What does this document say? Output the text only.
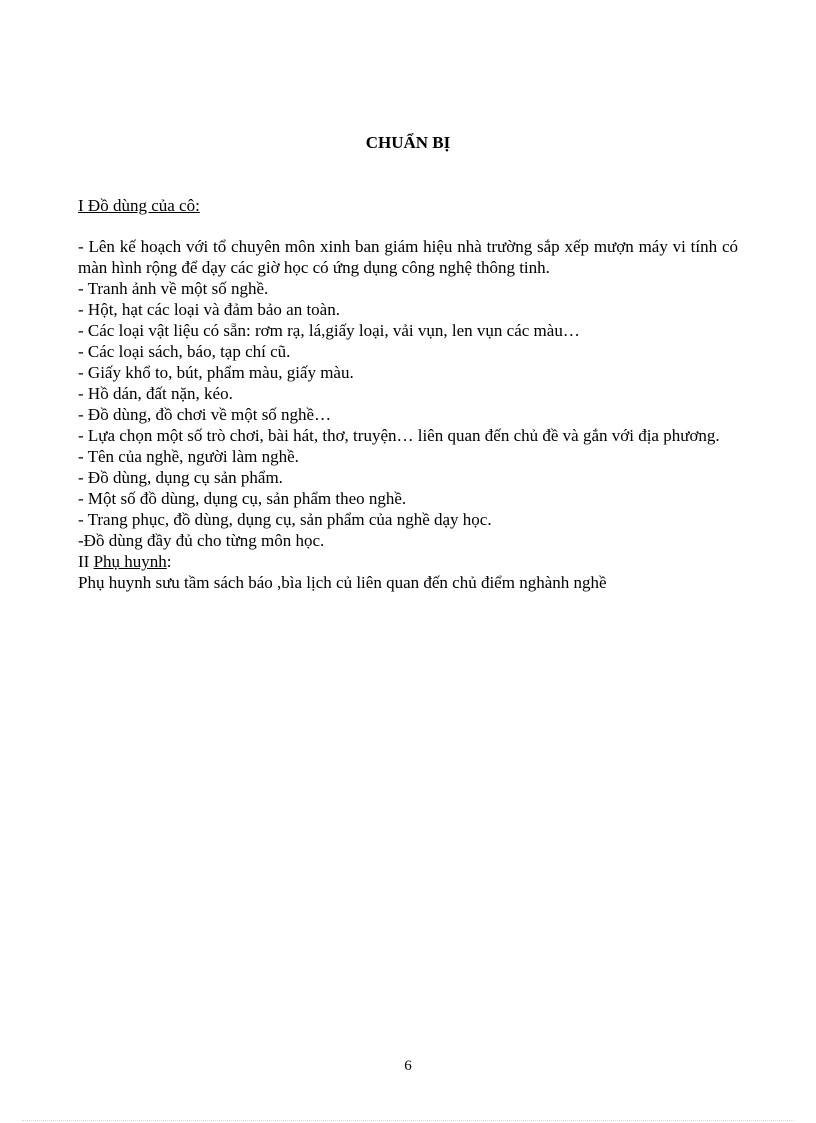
CHUẨN BỊ
I Đồ dùng của cô:
- Lên kế hoạch với tổ chuyên môn xinh ban giám hiệu nhà trường sắp xếp mượn máy vi tính có màn hình rộng để dạy các giờ học có ứng dụng công nghệ thông tinh.
- Tranh ảnh về một số nghề.
- Hột, hạt các loại và đảm bảo an toàn.
- Các loại vật liệu có sẵn: rơm rạ, lá,giấy loại, vải vụn, len vụn các màu…
- Các loại sách, báo, tạp chí cũ.
- Giấy khổ to, bút, phẩm màu, giấy màu.
- Hồ dán, đất nặn, kéo.
- Đồ dùng, đồ chơi về một số nghề…
- Lựa chọn một số trò chơi, bài hát, thơ, truyện… liên quan đến chủ đề và gắn với địa phương.
- Tên của nghề, người làm nghề.
- Đồ dùng, dụng cụ sản phẩm.
- Một số đồ dùng, dụng cụ, sản phẩm theo nghề.
- Trang phục, đồ dùng, dụng cụ, sản phẩm của nghề dạy học.
-Đồ dùng đầy đủ cho từng môn học.
II Phụ huynh:
Phụ huynh sưu tầm sách báo ,bìa lịch củ liên quan đến chủ điểm nghành nghề
6
